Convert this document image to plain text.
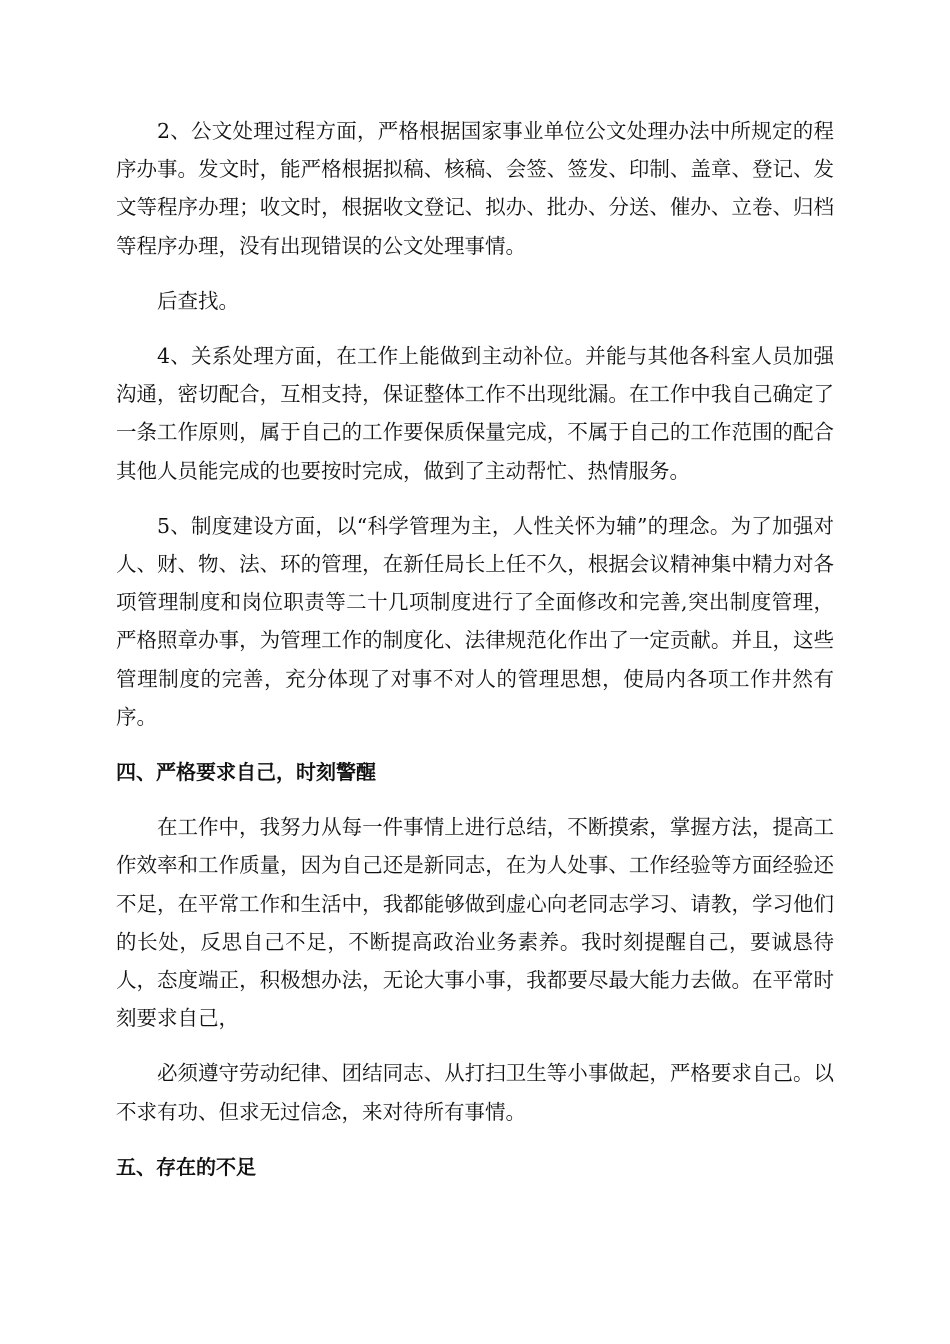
2、公文处理过程方面，严格根据国家事业单位公文处理办法中所规定的程序办事。发文时，能严格根据拟稿、核稿、会签、签发、印制、盖章、登记、发文等程序办理；收文时，根据收文登记、拟办、批办、分送、催办、立卷、归档等程序办理，没有出现错误的公文处理事情。

后查找。

4、关系处理方面，在工作上能做到主动补位。并能与其他各科室人员加强沟通，密切配合，互相支持，保证整体工作不出现纰漏。在工作中我自己确定了一条工作原则，属于自己的工作要保质保量完成，不属于自己的工作范围的配合其他人员能完成的也要按时完成，做到了主动帮忙、热情服务。

5、制度建设方面，以“科学管理为主，人性关怀为辅”的理念。为了加强对人、财、物、法、环的管理，在新任局长上任不久，根据会议精神集中精力对各项管理制度和岗位职责等二十几项制度进行了全面修改和完善,突出制度管理，严格照章办事，为管理工作的制度化、法律规范化作出了一定贡献。并且，这些管理制度的完善，充分体现了对事不对人的管理思想，使局内各项工作井然有序。

四、严格要求自己，时刻警醒

在工作中，我努力从每一件事情上进行总结，不断摸索，掌握方法，提高工作效率和工作质量，因为自己还是新同志，在为人处事、工作经验等方面经验还不足，在平常工作和生活中，我都能够做到虚心向老同志学习、请教，学习他们的长处，反思自己不足，不断提高政治业务素养。我时刻提醒自己，要诚恳待人，态度端正，积极想办法，无论大事小事，我都要尽最大能力去做。在平常时刻要求自己，

必须遵守劳动纪律、团结同志、从打扫卫生等小事做起，严格要求自己。以不求有功、但求无过信念，来对待所有事情。

五、存在的不足
